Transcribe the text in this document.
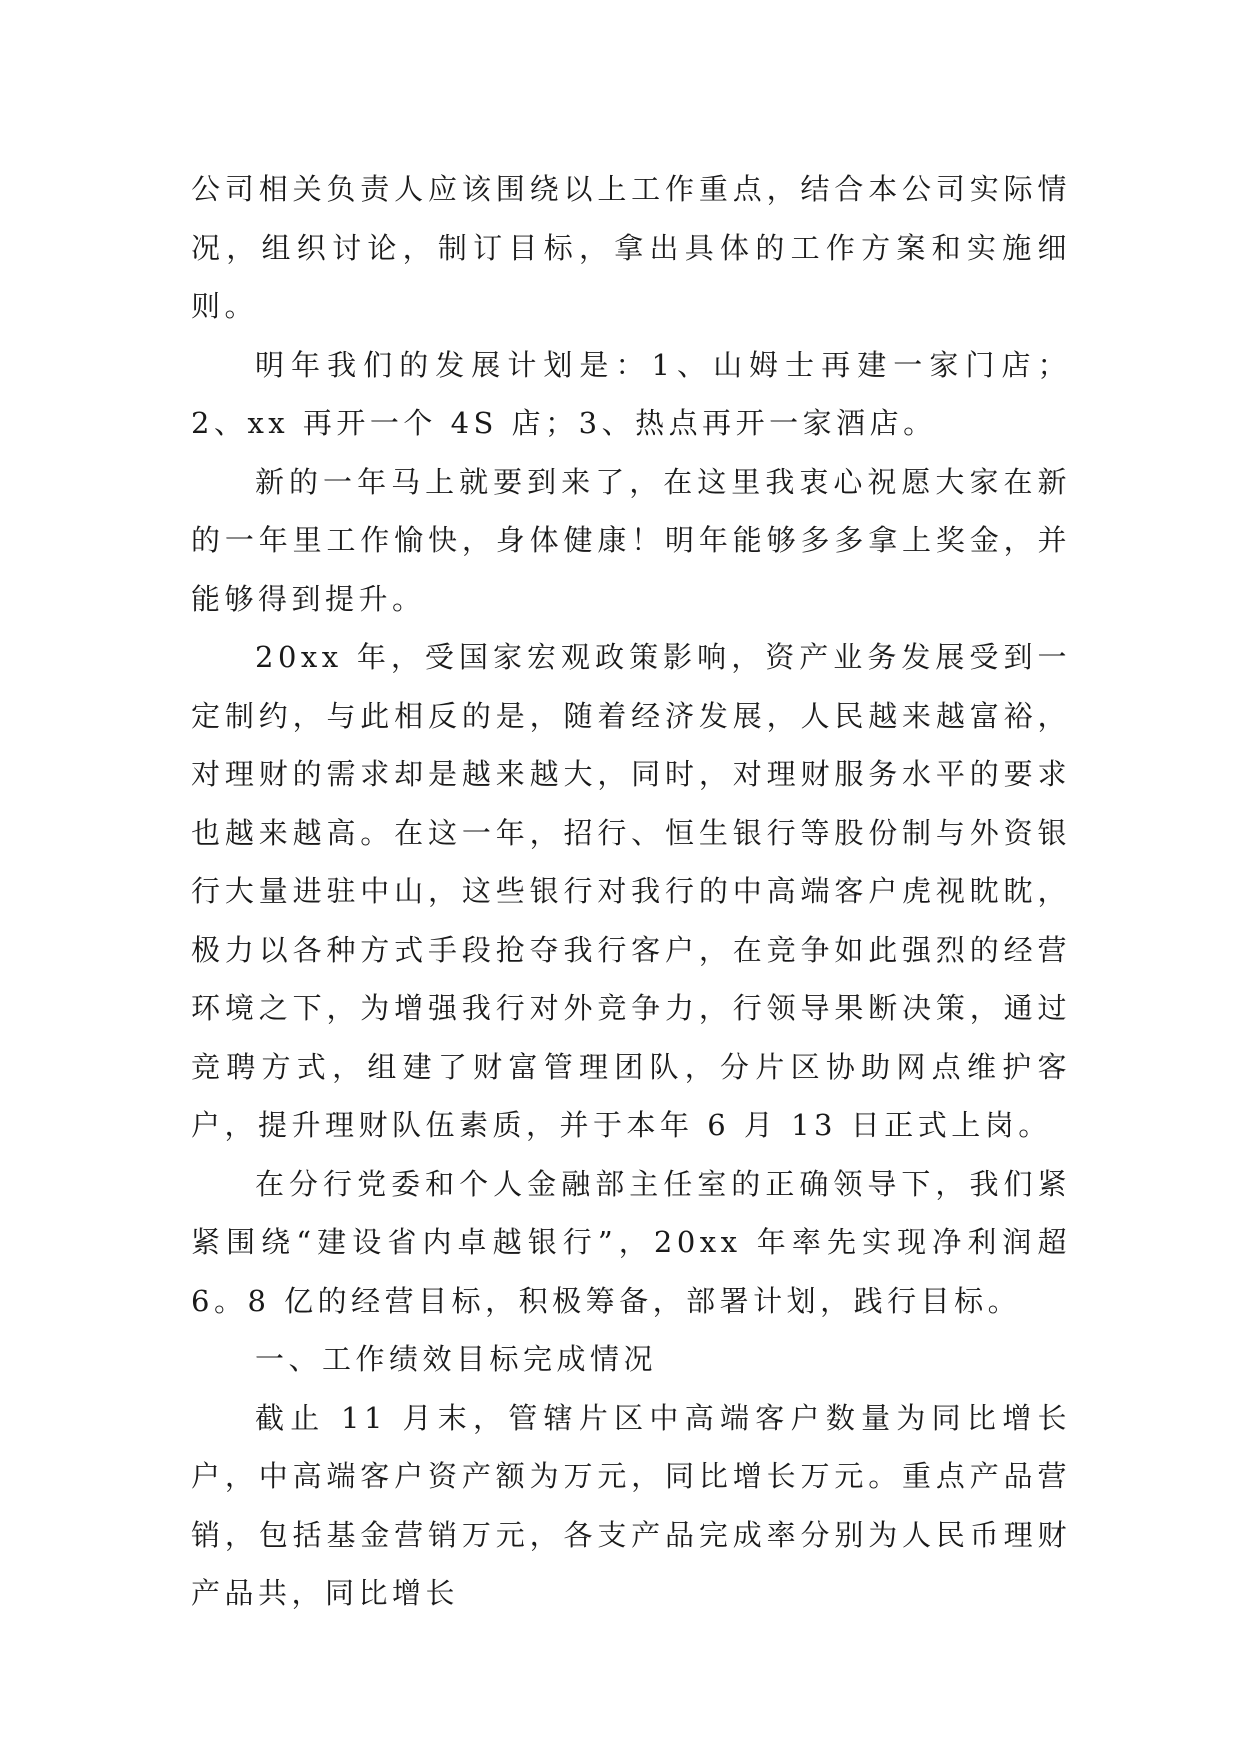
公司相关负责人应该围绕以上工作重点，结合本公司实际情况，组织讨论，制订目标，拿出具体的工作方案和实施细则。

明年我们的发展计划是：1、山姆士再建一家门店；2、xx 再开一个 4S 店；3、热点再开一家酒店。

新的一年马上就要到来了，在这里我衷心祝愿大家在新的一年里工作愉快，身体健康！明年能够多多拿上奖金，并能够得到提升。

20xx 年，受国家宏观政策影响，资产业务发展受到一定制约，与此相反的是，随着经济发展，人民越来越富裕，对理财的需求却是越来越大，同时，对理财服务水平的要求也越来越高。在这一年，招行、恒生银行等股份制与外资银行大量进驻中山，这些银行对我行的中高端客户虎视眈眈，极力以各种方式手段抢夺我行客户，在竞争如此强烈的经营环境之下，为增强我行对外竞争力，行领导果断决策，通过竞聘方式，组建了财富管理团队，分片区协助网点维护客户，提升理财队伍素质，并于本年 6 月 13 日正式上岗。

在分行党委和个人金融部主任室的正确领导下，我们紧紧围绕“建设省内卓越银行”，20xx 年率先实现净利润超 6。8 亿的经营目标，积极筹备，部署计划，践行目标。

一、工作绩效目标完成情况

截止 11 月末，管辖片区中高端客户数量为同比增长户，中高端客户资产额为万元，同比增长万元。重点产品营销，包括基金营销万元，各支产品完成率分别为人民币理财产品共，同比增长
